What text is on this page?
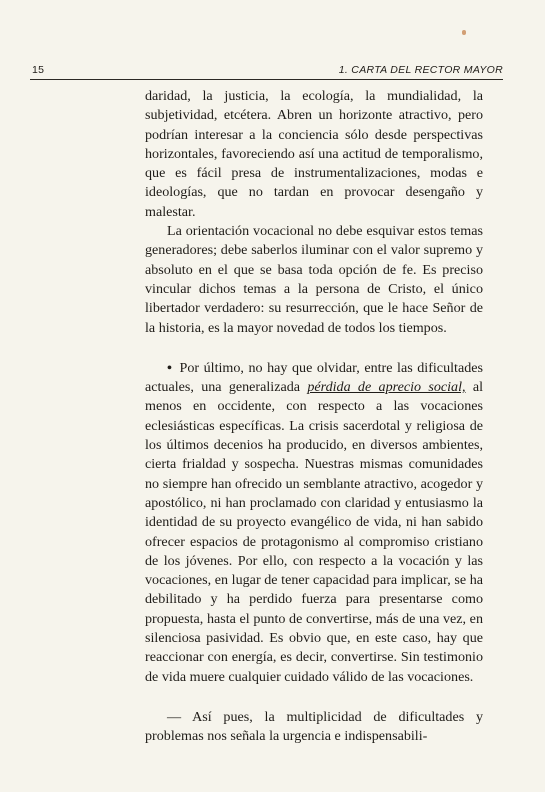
15	1. CARTA DEL RECTOR MAYOR

daridad, la justicia, la ecología, la mundialidad, la subjetividad, etcétera. Abren un horizonte atractivo, pero podrían interesar a la conciencia sólo desde perspectivas horizontales, favoreciendo así una actitud de temporalismo, que es fácil presa de instrumentalizaciones, modas e ideologías, que no tardan en provocar desengaño y malestar.

La orientación vocacional no debe esquivar estos temas generadores; debe saberlos iluminar con el valor supremo y absoluto en el que se basa toda opción de fe. Es preciso vincular dichos temas a la persona de Cristo, el único libertador verdadero: su resurrección, que le hace Señor de la historia, es la mayor novedad de todos los tiempos.

• Por último, no hay que olvidar, entre las dificultades actuales, una generalizada pérdida de aprecio social, al menos en occidente, con respecto a las vocaciones eclesiásticas específicas. La crisis sacerdotal y religiosa de los últimos decenios ha producido, en diversos ambientes, cierta frialdad y sospecha. Nuestras mismas comunidades no siempre han ofrecido un semblante atractivo, acogedor y apostólico, ni han proclamado con claridad y entusiasmo la identidad de su proyecto evangélico de vida, ni han sabido ofrecer espacios de protagonismo al compromiso cristiano de los jóvenes. Por ello, con respecto a la vocación y las vocaciones, en lugar de tener capacidad para implicar, se ha debilitado y ha perdido fuerza para presentarse como propuesta, hasta el punto de convertirse, más de una vez, en silenciosa pasividad. Es obvio que, en este caso, hay que reaccionar con energía, es decir, convertirse. Sin testimonio de vida muere cualquier cuidado válido de las vocaciones.

— Así pues, la multiplicidad de dificultades y problemas nos señala la urgencia e indispensabili-
